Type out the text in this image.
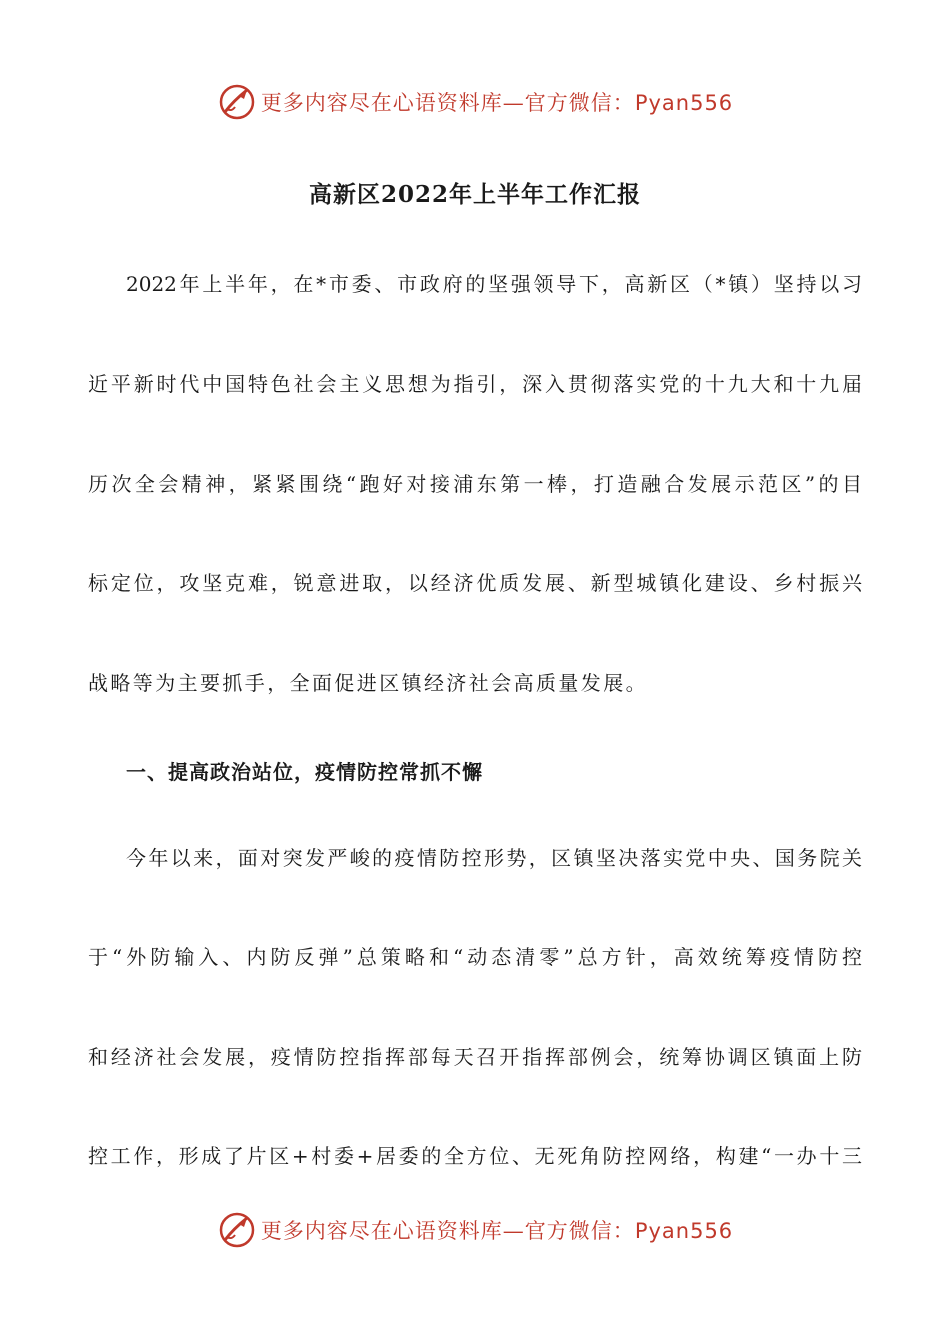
更多内容尽在心语资料库—官方微信：Pyan556
高新区2022年上半年工作汇报
2022年上半年，在*市委、市政府的坚强领导下，高新区（*镇）坚持以习
近平新时代中国特色社会主义思想为指引，深入贯彻落实党的十九大和十九届
历次全会精神，紧紧围绕“跑好对接浦东第一棒，打造融合发展示范区”的目
标定位，攻坚克难，锐意进取，以经济优质发展、新型城镇化建设、乡村振兴
战略等为主要抓手，全面促进区镇经济社会高质量发展。
一、提高政治站位，疫情防控常抓不懈
今年以来，面对突发严峻的疫情防控形势，区镇坚决落实党中央、国务院关
于“外防输入、内防反弹”总策略和“动态清零”总方针，高效统筹疫情防控
和经济社会发展，疫情防控指挥部每天召开指挥部例会，统筹协调区镇面上防
控工作，形成了片区+村委+居委的全方位、无死角防控网络，构建“一办十三
更多内容尽在心语资料库—官方微信：Pyan556
